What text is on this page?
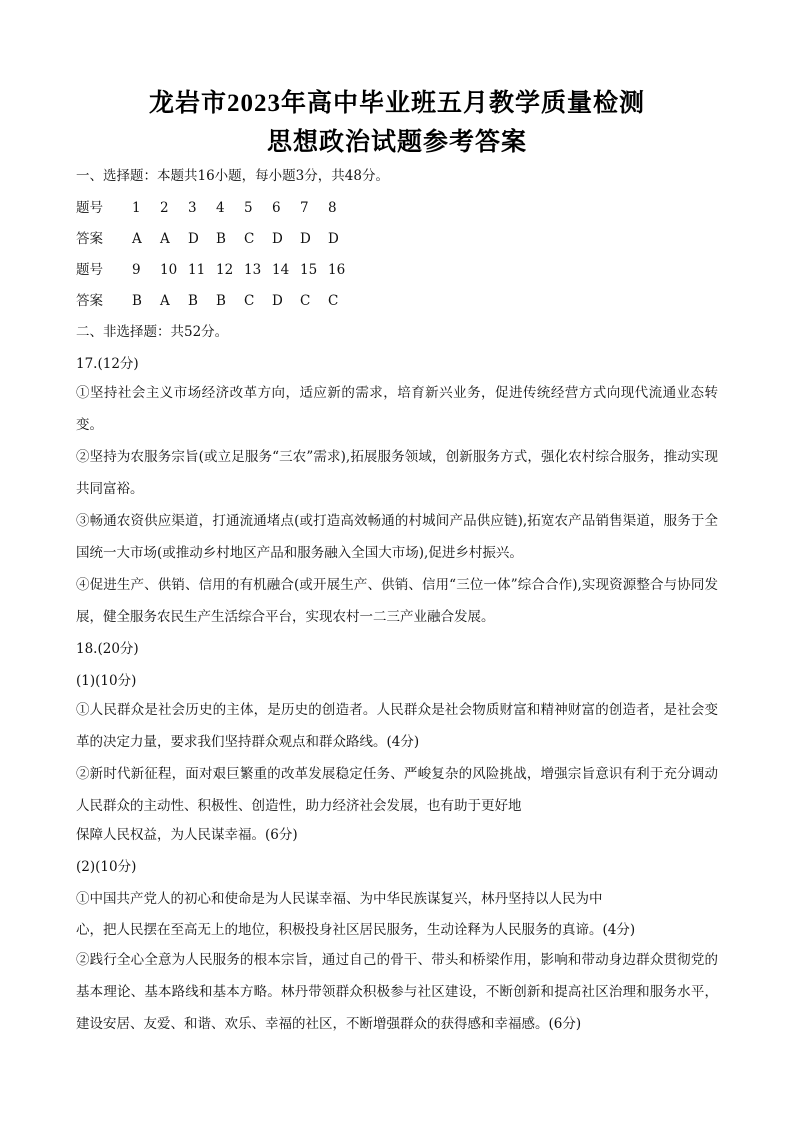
龙岩市2023年高中毕业班五月教学质量检测
思想政治试题参考答案
一、选择题：本题共16小题，每小题3分，共48分。
题号 1	2	3	4	5	6	7	8
答案 A	A	D	B	C	D	D	D
题号 9	10 11 12 13 14 15 16
答案 B	A	B	B	C	D	C	C
二、非选择题：共52分。
17.(12分)
①坚持社会主义市场经济改革方向，适应新的需求，培育新兴业务，促进传统经营方式向现代流通业态转变。
②坚持为农服务宗旨(或立足服务“三农”需求),拓展服务领域，创新服务方式，强化农村综合服务，推动实现共同富裕。
③畅通农资供应渠道，打通流通堵点(或打造高效畅通的村城间产品供应链),拓宽农产品销售渠道，服务于全国统一大市场(或推动乡村地区产品和服务融入全国大市场),促进乡村振兴。
④促进生产、供销、信用的有机融合(或开展生产、供销、信用“三位一体”综合合作),实现资源整合与协同发展，健全服务农民生产生活综合平台，实现农村一二三产业融合发展。
18.(20分)
(1)(10分)
①人民群众是社会历史的主体，是历史的创造者。人民群众是社会物质财富和精神财富的创造者，是社会变革的决定力量，要求我们坚持群众观点和群众路线。(4分)
②新时代新征程，面对艰巨繁重的改革发展稳定任务、严峻复杂的风险挑战，增强宗旨意识有利于充分调动人民群众的主动性、积极性、创造性，助力经济社会发展，也有助于更好地
保障人民权益，为人民谋幸福。(6分)
(2)(10分)
①中国共产党人的初心和使命是为人民谋幸福、为中华民族谋复兴，林丹坚持以人民为中
心，把人民摆在至高无上的地位，积极投身社区居民服务，生动诠释为人民服务的真谛。(4分)
②践行全心全意为人民服务的根本宗旨，通过自己的骨干、带头和桥梁作用，影响和带动身边群众贯彻党的基本理论、基本路线和基本方略。林丹带领群众积极参与社区建设，不断创新和提高社区治理和服务水平，建设安居、友爱、和谐、欢乐、幸福的社区，不断增强群众的获得感和幸福感。(6分)
